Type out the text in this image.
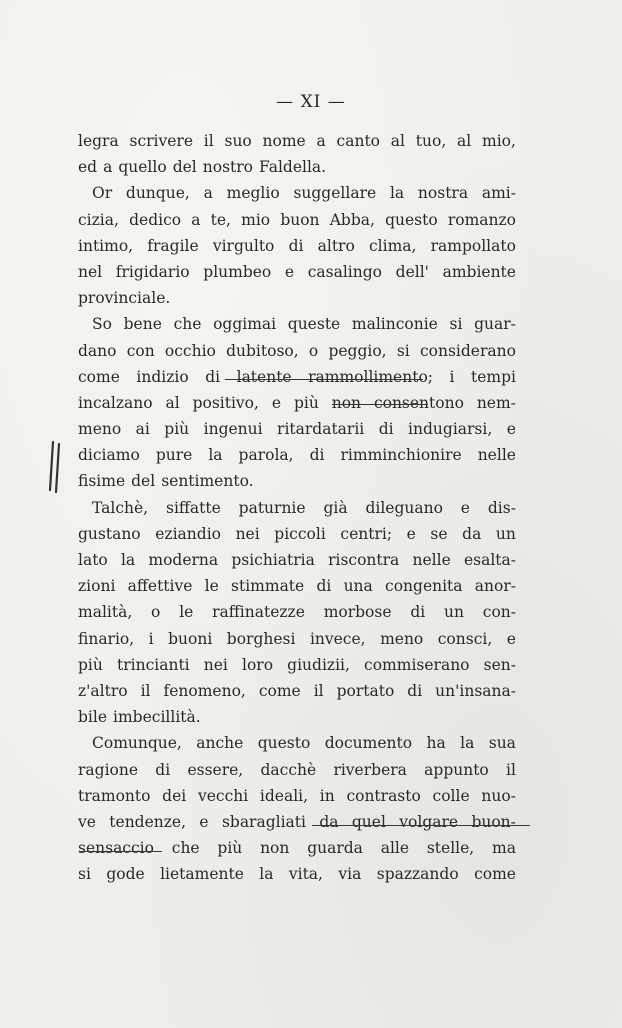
— XI —
legra scrivere il suo nome a canto al tuo, al mio,
ed a quello del nostro Faldella.
Or dunque, a meglio suggellare la nostra ami-
cizia, dedico a te, mio buon Abba, questo romanzo
intimo, fragile virgulto di altro clima, rampollato
nel frigidario plumbeo e casalingo dell' ambiente
provinciale.
So bene che oggimai queste malinconie si guar-
dano con occhio dubitoso, o peggio, si considerano
come indizio di latente rammollimento; i tempi
incalzano al positivo, e più non consentono nem-
meno ai più ingenui ritardatarii di indugiarsi, e
diciamo pure la parola, di rimminchionire nelle
fisime del sentimento.
Talchè, siffatte paturnie già dileguano e dis-
gustano eziandio nei piccoli centri; e se da un
lato la moderna psichiatria riscontra nelle esalta-
zioni affettive le stimmate di una congenita anor-
malità, o le raffinatezze morbose di un con-
finario, i buoni borghesi invece, meno consci, e
più trincianti nei loro giudizii, commiserano sen-
z'altro il fenomeno, come il portato di un'insana-
bile imbecillità.
Comunque, anche questo documento ha la sua
ragione di essere, dacchè riverbera appunto il
tramonto dei vecchi ideali, in contrasto colle nuo-
ve tendenze, e sbaragliati da quel volgare buon-
sensaccio che più non guarda alle stelle, ma
si gode lietamente la vita, via spazzando come
